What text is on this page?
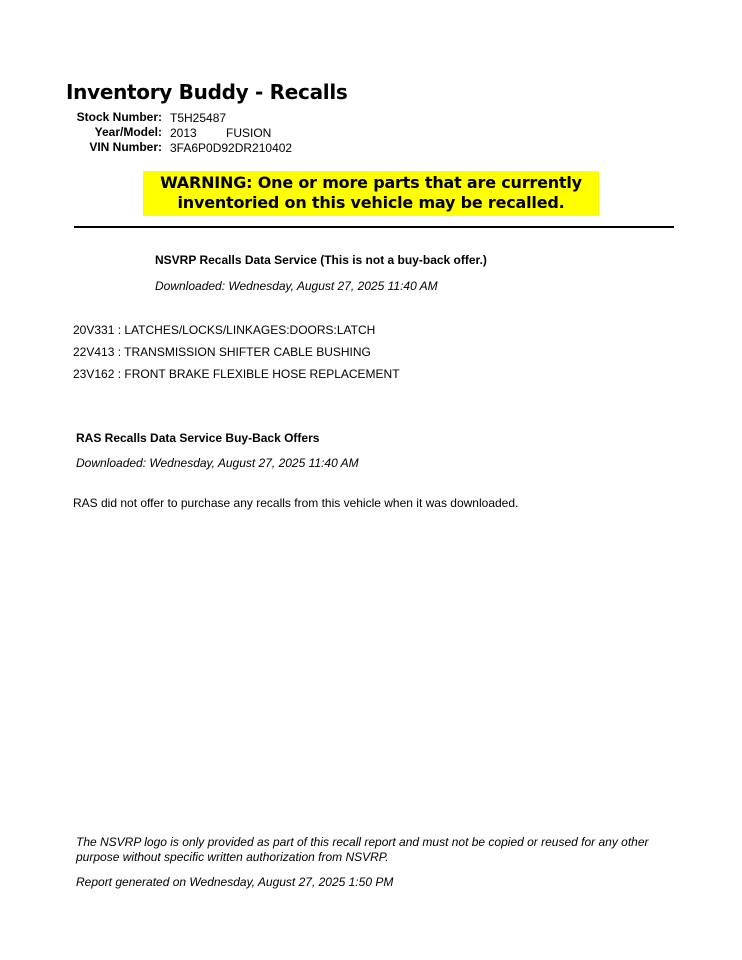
Inventory Buddy - Recalls
Stock Number: T5H25487
Year/Model: 2013 FUSION
VIN Number: 3FA6P0D92DR210402
WARNING: One or more parts that are currently
inventoried on this vehicle may be recalled.
NSVRP Recalls Data Service (This is not a buy-back offer.)
Downloaded: Wednesday, August 27, 2025 11:40 AM
20V331 : LATCHES/LOCKS/LINKAGES:DOORS:LATCH
22V413 : TRANSMISSION SHIFTER CABLE BUSHING
23V162 : FRONT BRAKE FLEXIBLE HOSE REPLACEMENT
RAS Recalls Data Service Buy-Back Offers
Downloaded: Wednesday, August 27, 2025 11:40 AM
RAS did not offer to purchase any recalls from this vehicle when it was downloaded.
The NSVRP logo is only provided as part of this recall report and must not be copied or reused for any other purpose without specific written authorization from NSVRP.
Report generated on Wednesday, August 27, 2025 1:50 PM
